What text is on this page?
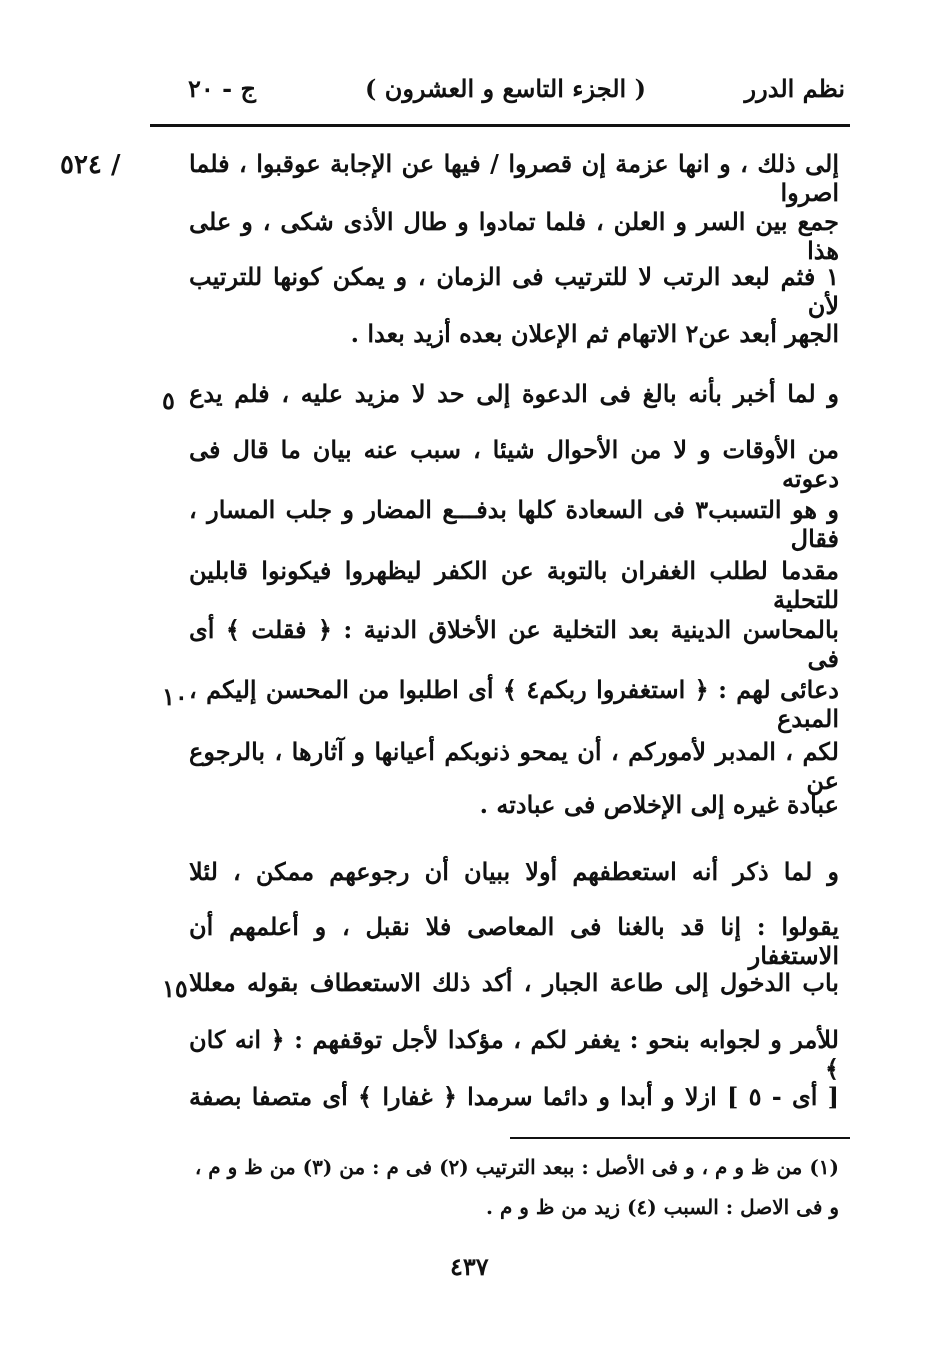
نظم الدرر
( الجزء التاسع و العشرون )
ج - ٢٠
/ ٥٢٤
٥
١٠
١٥
إلى ذلك ، و انها عزمة إن قصروا / فيها عن الإجابة عوقبوا ، فلما اصروا
جمع بين السر و العلن ، فلما تمادوا و طال الأذى شكى ، و على هذا
١ فثم لبعد الرتب لا للترتيب فى الزمان ، و يمكن كونها للترتيب لأن
الجهر أبعد عن٢ الاتهام ثم الإعلان بعده أزيد بعدا .
و لما أخبر بأنه بالغ فى الدعوة إلى حد لا مزيد عليه ، فلم يدع
من الأوقات و لا من الأحوال شيئا ، سبب عنه بيان ما قال فى دعوته
و هو التسبب٣ فى السعادة كلها بدفـــع المضار و جلب المسار ، فقال
مقدما لطلب الغفران بالتوبة عن الكفر ليظهروا فيكونوا قابلين للتحلية
بالمحاسن الدينية بعد التخلية عن الأخلاق الدنية : ﴿ فقلت ﴾ أى فى
دعائى لهم : ﴿ استغفروا ربكم٤ ﴾ أى اطلبوا من المحسن إليكم ، المبدع
لكم ، المدبر لأموركم ، أن يمحو ذنوبكم أعيانها و آثارها ، بالرجوع عن
عبادة غيره إلى الإخلاص فى عبادته .
و لما ذكر أنه استعطفهم أولا ببيان أن رجوعهم ممكن ، لئلا
يقولوا : إنا قد بالغنا فى المعاصى فلا نقبل ، و أعلمهم أن الاستغفار
باب الدخول إلى طاعة الجبار ، أكد ذلك الاستعطاف بقوله معللا
للأمر و لجوابه بنحو : يغفر لكم ، مؤكدا لأجل توقفهم : ﴿ انه كان ﴾
[ أى - ٥ ] ازلا و أبدا و دائما سرمدا ﴿ غفارا ﴾ أى متصفا بصفة
(١) من ظ و م ، و فى الأصل : ببعد الترتيب (٢) فى م : من (٣) من ظ و م ،
و فى الاصل : السبب (٤) زيد من ظ و م .
٤٣٧
